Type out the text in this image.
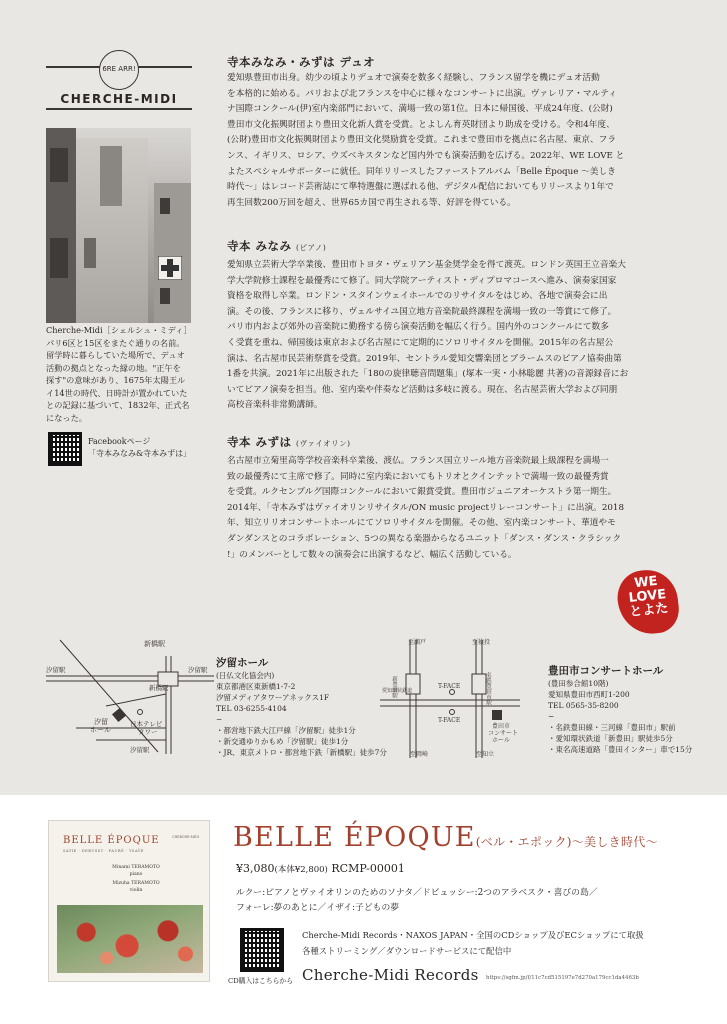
6RE ARR!
CHERCHE-MIDI
Cherche-Midi［シェルシュ・ミディ］
パリ6区と15区をまたぐ通りの名前。
留学時に暮らしていた場所で、デュオ
活動の拠点となった縁の地。"正午を
探す"の意味があり、1675年太陽王ル
イ14世の時代、日時計が置かれていた
との記録に基づいて、1832年、正式名
になった。
Facebookページ
「寺本みなみ&寺本みずは」
寺本みなみ・みずは デュオ
愛知県豊田市出身。幼少の頃よりデュオで演奏を数多く経験し、フランス留学を機にデュオ活動
を本格的に始める。パリおよび北フランスを中心に様々なコンサートに出演。ヴァレリア・マルティ
ナ国際コンクール(伊)室内楽部門において、満場一致の第1位。日本に帰国後、平成24年度、(公財)
豊田市文化振興財団より豊田文化新人賞を受賞。とよしん育英財団より助成を受ける。令和4年度、
(公財)豊田市文化振興財団より豊田文化奨励賞を受賞。これまで豊田市を拠点に名古屋、東京、フラ
ンス、イギリス、ロシア、ウズベキスタンなど国内外でも演奏活動を広げる。2022年、WE LOVE と
よたスペシャルサポーターに就任。同年リリースしたファーストアルバム「Belle Époque 〜美しき
時代〜」はレコード芸術誌にて準特選盤に選ばれる他、デジタル配信においてもリリースより1年で
再生回数200万回を超え、世界65カ国で再生される等、好評を得ている。
寺本 みなみ (ピアノ)
愛知県立芸術大学卒業後、豊田市トヨタ・ヴェリアン基金奨学金を得て渡英。ロンドン英国王立音楽大
学大学院修士課程を最優秀にて修了。同大学院アーティスト・ディプロマコースへ進み、演奏家国家
資格を取得し卒業。ロンドン・スタインウェイホールでのリサイタルをはじめ、各地で演奏会に出
演。その後、フランスに移り、ヴェルサイユ国立地方音楽院最終課程を満場一致の一等賞にて修了。
パリ市内および郊外の音楽院に勤務する傍ら演奏活動を幅広く行う。国内外のコンクールにて数多
く受賞を重ね、帰国後は東京および名古屋にて定期的にソロリサイタルを開催。2015年の名古屋公
演は、名古屋市民芸術祭賞を受賞。2019年、セントラル愛知交響楽団とブラームスのピアノ協奏曲第
1番を共演。2021年に出版された「180の旋律聴音問題集」(塚本一実・小林聡麗 共著)の音源録音にお
いてピアノ演奏を担当。他、室内楽や伴奏など活動は多岐に渡る。現在、名古屋芸術大学および同朋
高校音楽科非常勤講師。
寺本 みずは (ヴァイオリン)
名古屋市立菊里高等学校音楽科卒業後、渡仏。フランス国立リール地方音楽院最上級課程を満場一
致の最優秀にて主席で修了。同時に室内楽においてもトリオとクインテットで満場一致の最優秀賞
を受賞。ルクセンブルグ国際コンクールにおいて銀賞受賞。豊田市ジュニアオーケストラ第一期生。
2014年、「寺本みずはヴァイオリンリサイタル/ON music projectリレーコンサート」に出演。2018
年、知立リリオコンサートホールにてソロリサイタルを開催。その他、室内楽コンサート、華道やモ
ダンダンスとのコラボレーション、5つの異なる楽器からなるユニット「ダンス・ダンス・クラシック
!」のメンバーとして数々の演奏会に出演するなど、幅広く活動している。
WE
LOVE
とよた
新橋駅
汐留駅
新橋駅
汐留駅
汐留駅
日本テレビ
タワー
汐留
ホール
汐留ホール
(日仏文化協会内)
東京都港区東新橋1-7-2
汐留メディアタワーアネックス1F
TEL 03-6255-4104
−
・都営地下鉄大江戸線「汐留駅」徒歩1分
・新交通ゆりかもめ「汐留駅」徒歩1分
・JR、東京メトロ・都営地下鉄「新橋駅」徒歩7分
至瀬戸	至猿投
新豊田駅	名鉄豊田市駅
T-FACE
T-FACE
豊田市
コンサート
ホール
至岡崎	至知立
愛知環状鉄道
豊田市コンサートホール
(豊田参合館10階)
愛知県豊田市西町1-200
TEL 0565-35-8200
−
・名鉄豊田線・三河線「豊田市」駅前
・愛知環状鉄道「新豊田」駅徒歩5分
・東名高速道路「豊田インター」車で15分
BELLE ÉPOQUE
SATIE · DEBUSSY · FAURÉ · YSAŸE
CHERCHE-MIDI
Minami TERAMOTO
piano
Mizuha TERAMOTO
violin
BELLE ÉPOQUE(ベル・エポック)〜美しき時代〜
¥3,080(本体¥2,800) RCMP-00001
ルクー:ピアノとヴァイオリンのためのソナタ／ドビュッシー:2つのアラベスク・喜びの島／
フォーレ:夢のあとに／イザイ:子どもの夢
CD購入はこちらから
Cherche-Midi Records・NAXOS JAPAN・全国のCDショップ及びECショップにて取扱
各種ストリーミング／ダウンロードサービスにて配信中
Cherche-Midi Records https://sgfm.jp/f/11c7cd515197e7d270a179cc1da4463b
